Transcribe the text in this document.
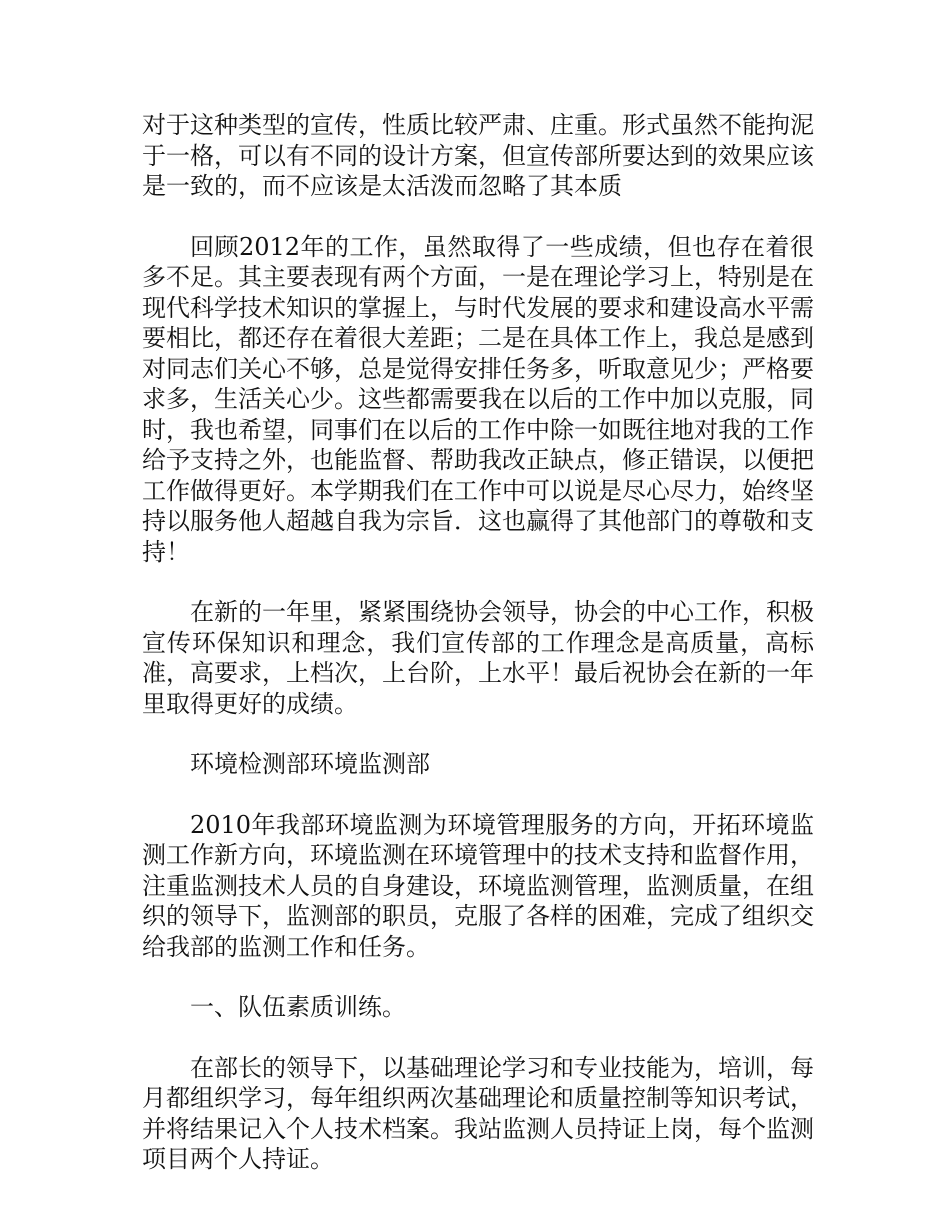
对于这种类型的宣传，性质比较严肃、庄重。形式虽然不能拘泥于一格，可以有不同的设计方案，但宣传部所要达到的效果应该是一致的，而不应该是太活泼而忽略了其本质

回顾2012年的工作，虽然取得了一些成绩，但也存在着很多不足。其主要表现有两个方面，一是在理论学习上，特别是在现代科学技术知识的掌握上，与时代发展的要求和建设高水平需要相比，都还存在着很大差距；二是在具体工作上，我总是感到对同志们关心不够，总是觉得安排任务多，听取意见少；严格要求多，生活关心少。这些都需要我在以后的工作中加以克服，同时，我也希望，同事们在以后的工作中除一如既往地对我的工作给予支持之外，也能监督、帮助我改正缺点，修正错误，以便把工作做得更好。本学期我们在工作中可以说是尽心尽力，始终坚持以服务他人超越自我为宗旨．这也赢得了其他部门的尊敬和支持！

在新的一年里，紧紧围绕协会领导，协会的中心工作，积极宣传环保知识和理念，我们宣传部的工作理念是高质量，高标准，高要求，上档次，上台阶，上水平！最后祝协会在新的一年里取得更好的成绩。

环境检测部环境监测部

2010年我部环境监测为环境管理服务的方向，开拓环境监测工作新方向，环境监测在环境管理中的技术支持和监督作用，注重监测技术人员的自身建设，环境监测管理，监测质量，在组织的领导下，监测部的职员，克服了各样的困难，完成了组织交给我部的监测工作和任务。

一、队伍素质训练。

在部长的领导下，以基础理论学习和专业技能为，培训，每月都组织学习，每年组织两次基础理论和质量控制等知识考试，并将结果记入个人技术档案。我站监测人员持证上岗，每个监测项目两个人持证。
